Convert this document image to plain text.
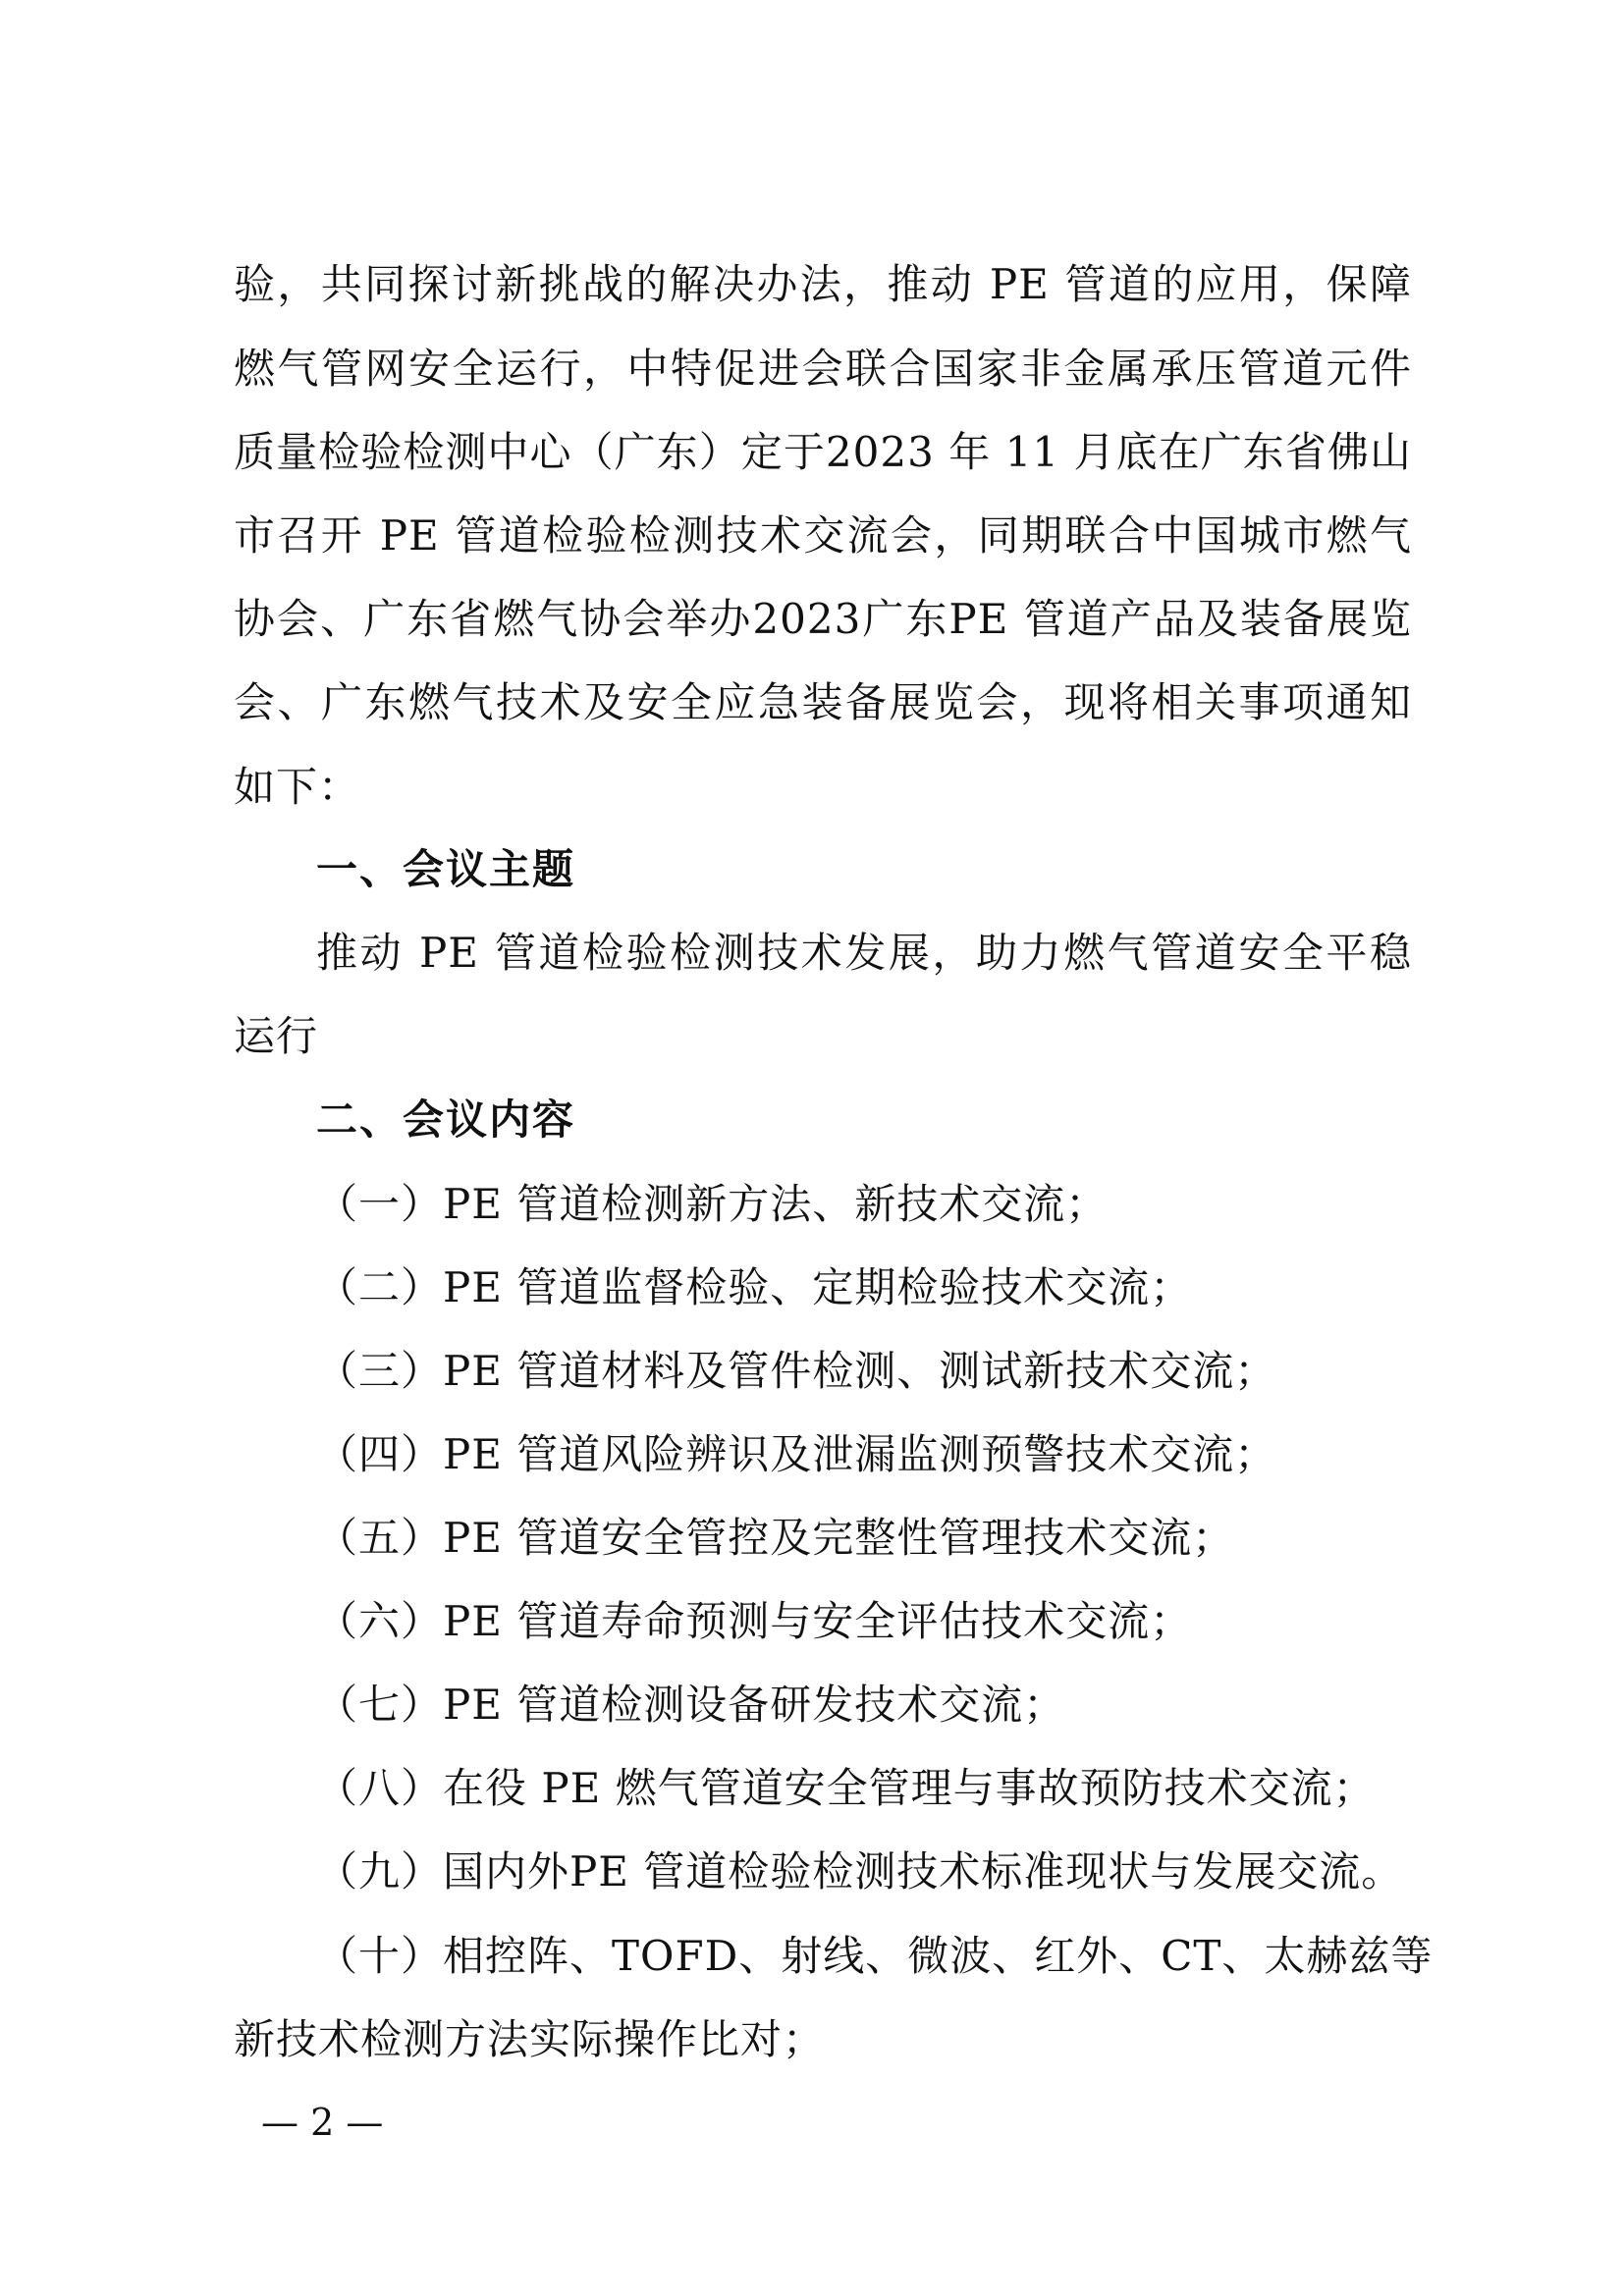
验，共同探讨新挑战的解决办法，推动 PE 管道的应用，保障
燃气管网安全运行，中特促进会联合国家非金属承压管道元件
质量检验检测中心（广东）定于2023 年 11 月底在广东省佛山
市召开 PE 管道检验检测技术交流会，同期联合中国城市燃气
协会、广东省燃气协会举办2023广东PE 管道产品及装备展览
会、广东燃气技术及安全应急装备展览会，现将相关事项通知
如下：
一、会议主题
推动 PE 管道检验检测技术发展，助力燃气管道安全平稳
运行
二、会议内容
（一）PE 管道检测新方法、新技术交流；
（二）PE 管道监督检验、定期检验技术交流；
（三）PE 管道材料及管件检测、测试新技术交流；
（四）PE 管道风险辨识及泄漏监测预警技术交流；
（五）PE 管道安全管控及完整性管理技术交流；
（六）PE 管道寿命预测与安全评估技术交流；
（七）PE 管道检测设备研发技术交流；
（八）在役 PE 燃气管道安全管理与事故预防技术交流；
（九）国内外PE 管道检验检测技术标准现状与发展交流。
（十）相控阵、TOFD、射线、微波、红外、CT、太赫兹等
新技术检测方法实际操作比对；
— 2 —
